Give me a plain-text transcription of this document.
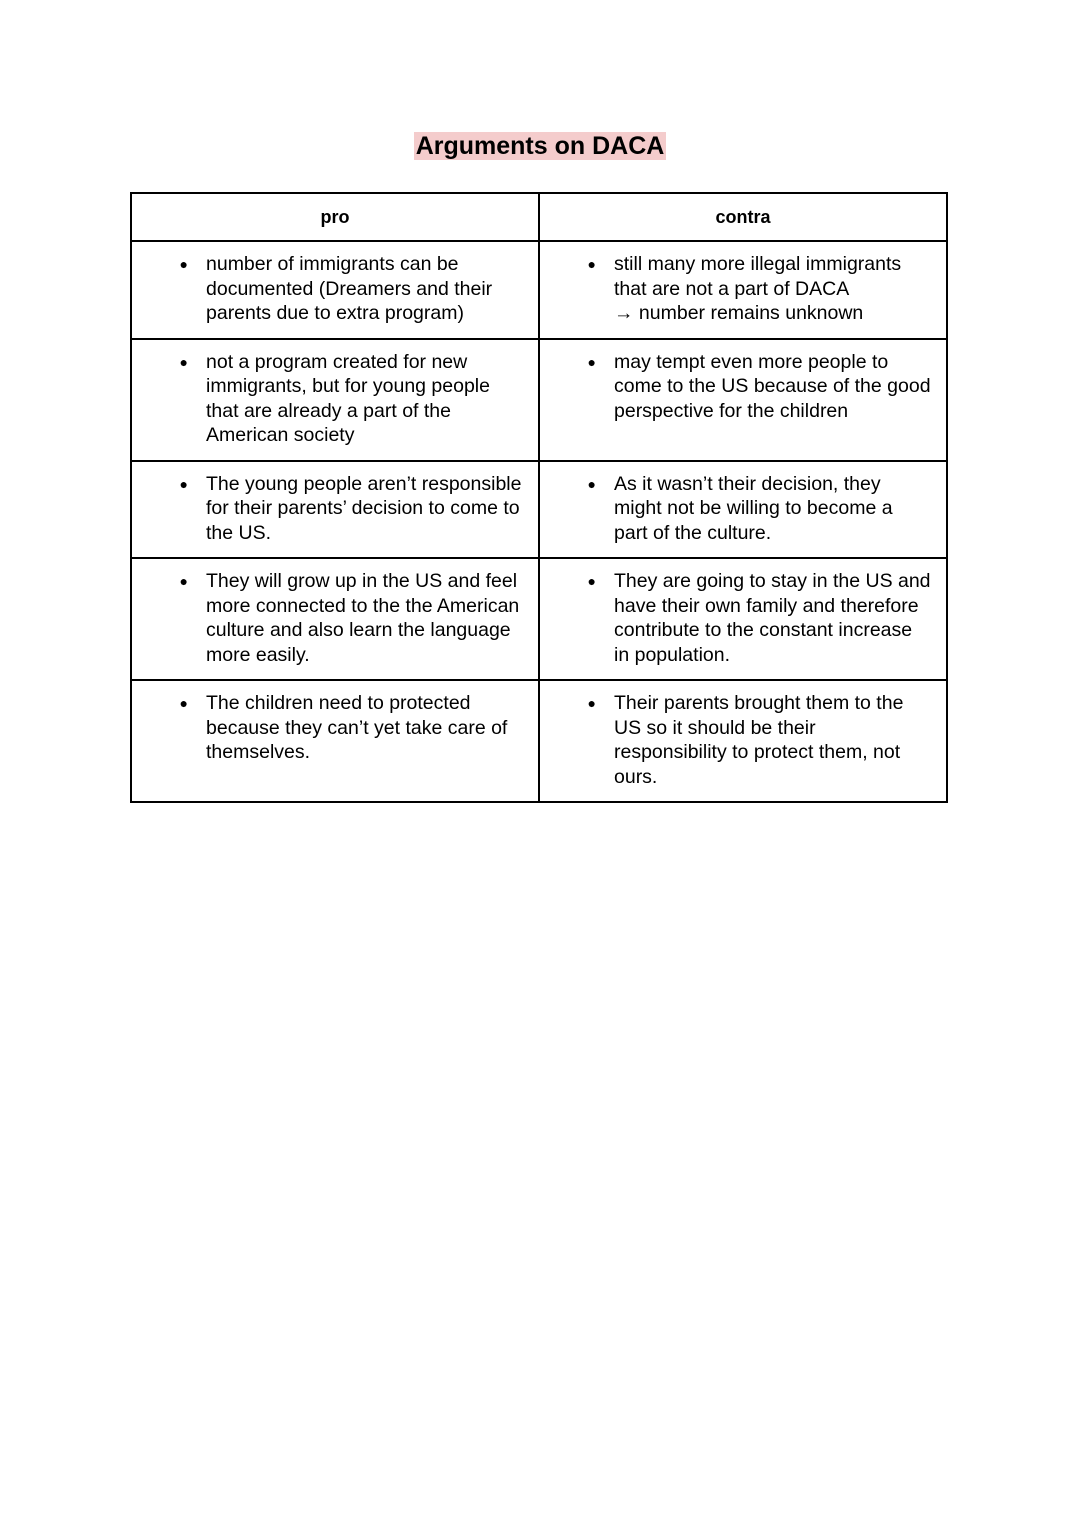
Arguments on DACA
pro	contra

● number of immigrants can be
documented (Dreamers and their
parents due to extra program)	● still many more illegal immigrants
that are not a part of DACA
→ number remains unknown

● not a program created for new
immigrants, but for young people
that are already a part of the
American society	● may tempt even more people to
come to the US because of the good
perspective for the children

● The young people aren’t responsible
for their parents’ decision to come to
the US.	● As it wasn’t their decision, they
might not be willing to become a
part of the culture.

● They will grow up in the US and feel
more connected to the the American
culture and also learn the language
more easily.	● They are going to stay in the US and
have their own family and therefore
contribute to the constant increase
in population.

● The children need to protected
because they can’t yet take care of
themselves.	● Their parents brought them to the
US so it should be their
responsibility to protect them, not
ours.
